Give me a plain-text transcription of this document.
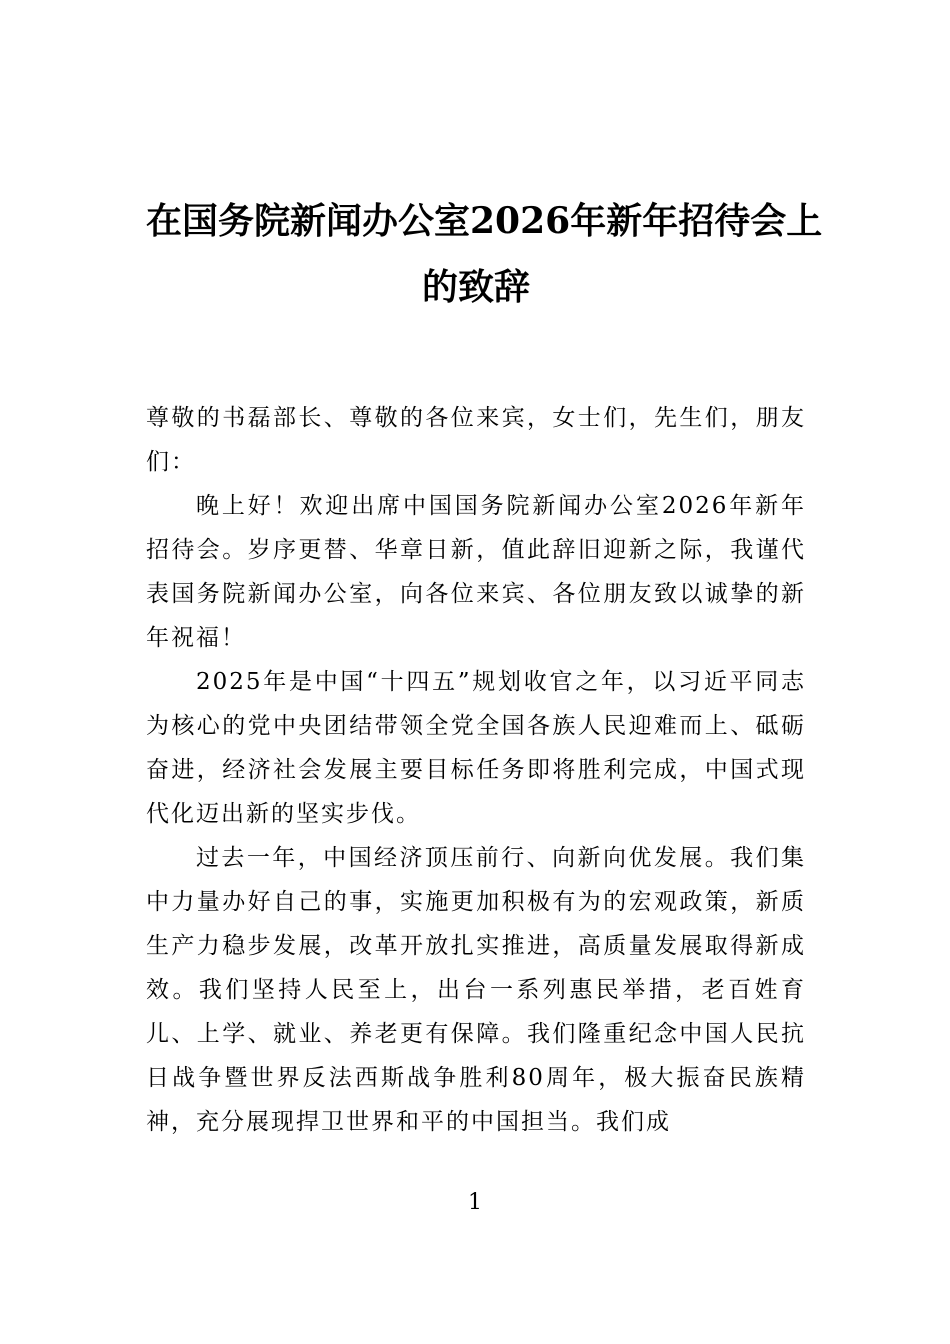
在国务院新闻办公室2026年新年招待会上
的致辞

尊敬的书磊部长、尊敬的各位来宾，女士们，先生们，朋友们：

晚上好！欢迎出席中国国务院新闻办公室2026年新年招待会。岁序更替、华章日新，值此辞旧迎新之际，我谨代表国务院新闻办公室，向各位来宾、各位朋友致以诚挚的新年祝福！

2025年是中国“十四五”规划收官之年，以习近平同志为核心的党中央团结带领全党全国各族人民迎难而上、砥砺奋进，经济社会发展主要目标任务即将胜利完成，中国式现代化迈出新的坚实步伐。

过去一年，中国经济顶压前行、向新向优发展。我们集中力量办好自己的事，实施更加积极有为的宏观政策，新质生产力稳步发展，改革开放扎实推进，高质量发展取得新成效。我们坚持人民至上，出台一系列惠民举措，老百姓育儿、上学、就业、养老更有保障。我们隆重纪念中国人民抗日战争暨世界反法西斯战争胜利80周年，极大振奋民族精神，充分展现捍卫世界和平的中国担当。我们成

1
